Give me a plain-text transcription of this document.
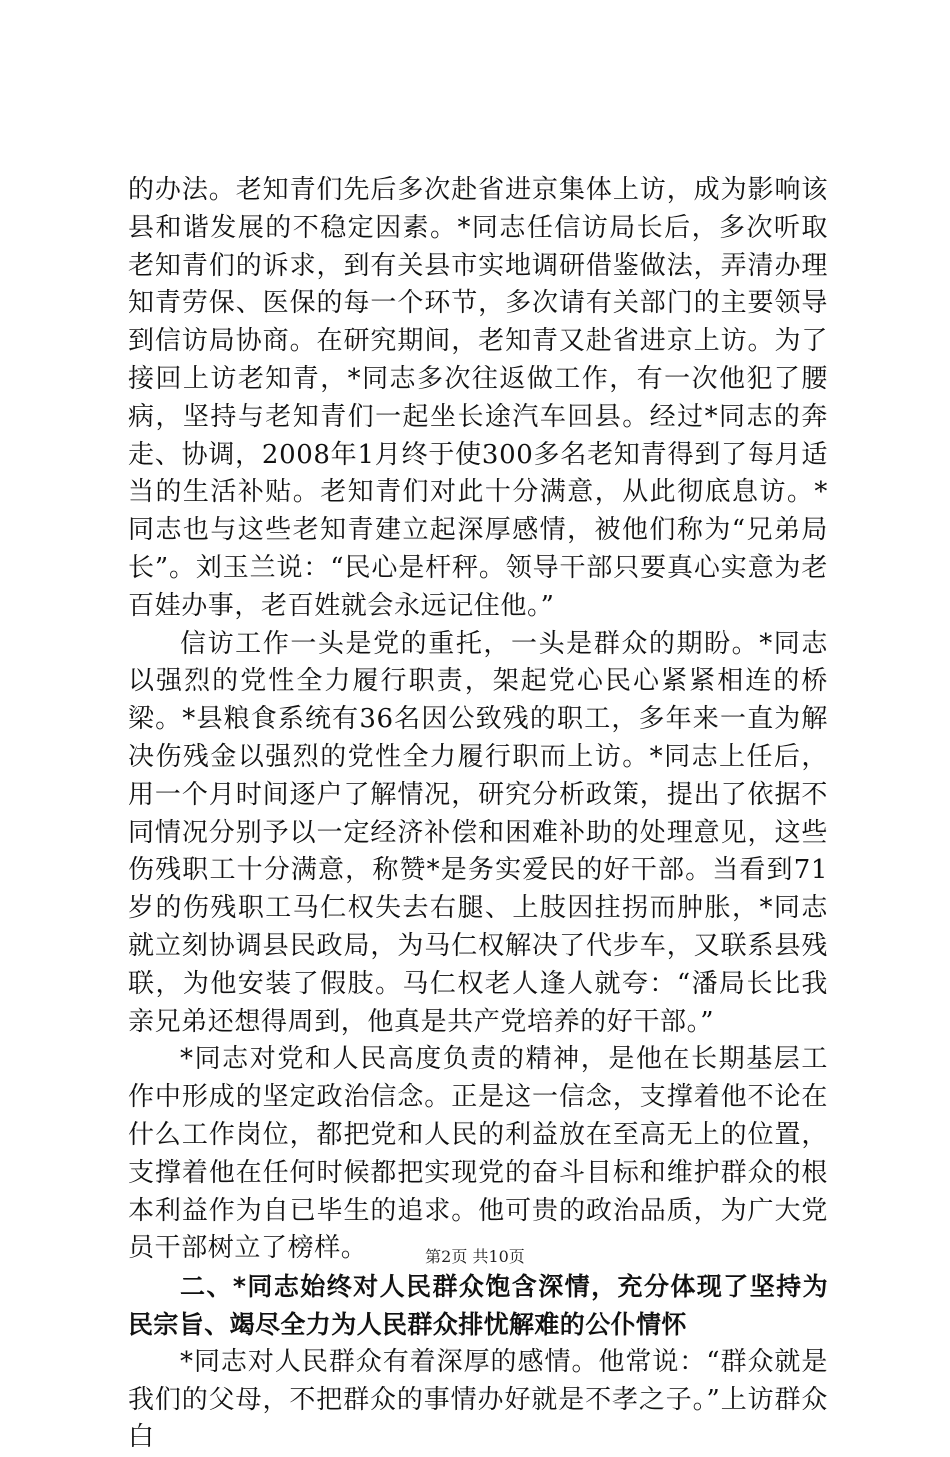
的办法。老知青们先后多次赴省进京集体上访，成为影响该县和谐发展的不稳定因素。*同志任信访局长后，多次听取老知青们的诉求，到有关县市实地调研借鉴做法，弄清办理知青劳保、医保的每一个环节，多次请有关部门的主要领导到信访局协商。在研究期间，老知青又赴省进京上访。为了接回上访老知青，*同志多次往返做工作，有一次他犯了腰病，坚持与老知青们一起坐长途汽车回县。经过*同志的奔走、协调，2008年1月终于使300多名老知青得到了每月适当的生活补贴。老知青们对此十分满意，从此彻底息访。*同志也与这些老知青建立起深厚感情，被他们称为“兄弟局长”。刘玉兰说：“民心是杆秤。领导干部只要真心实意为老百娃办事，老百姓就会永远记住他。”

信访工作一头是党的重托，一头是群众的期盼。*同志以强烈的党性全力履行职责，架起党心民心紧紧相连的桥梁。*县粮食系统有36名因公致残的职工，多年来一直为解决伤残金以强烈的党性全力履行职而上访。*同志上任后，用一个月时间逐户了解情况，研究分析政策，提出了依据不同情况分别予以一定经济补偿和困难补助的处理意见，这些伤残职工十分满意，称赞*是务实爱民的好干部。当看到71岁的伤残职工马仁权失去右腿、上肢因拄拐而肿胀，*同志就立刻协调县民政局，为马仁权解决了代步车，又联系县残联，为他安装了假肢。马仁权老人逢人就夸：“潘局长比我亲兄弟还想得周到，他真是共产党培养的好干部。”

*同志对党和人民高度负责的精神，是他在长期基层工作中形成的坚定政治信念。正是这一信念，支撑着他不论在什么工作岗位，都把党和人民的利益放在至高无上的位置，支撑着他在任何时候都把实现党的奋斗目标和维护群众的根本利益作为自已毕生的追求。他可贵的政治品质，为广大党员干部树立了榜样。

二、*同志始终对人民群众饱含深情，充分体现了坚持为民宗旨、竭尽全力为人民群众排忧解难的公仆情怀

*同志对人民群众有着深厚的感情。他常说：“群众就是我们的父母，不把群众的事情办好就是不孝之子。”上访群众白

第2页 共10页
